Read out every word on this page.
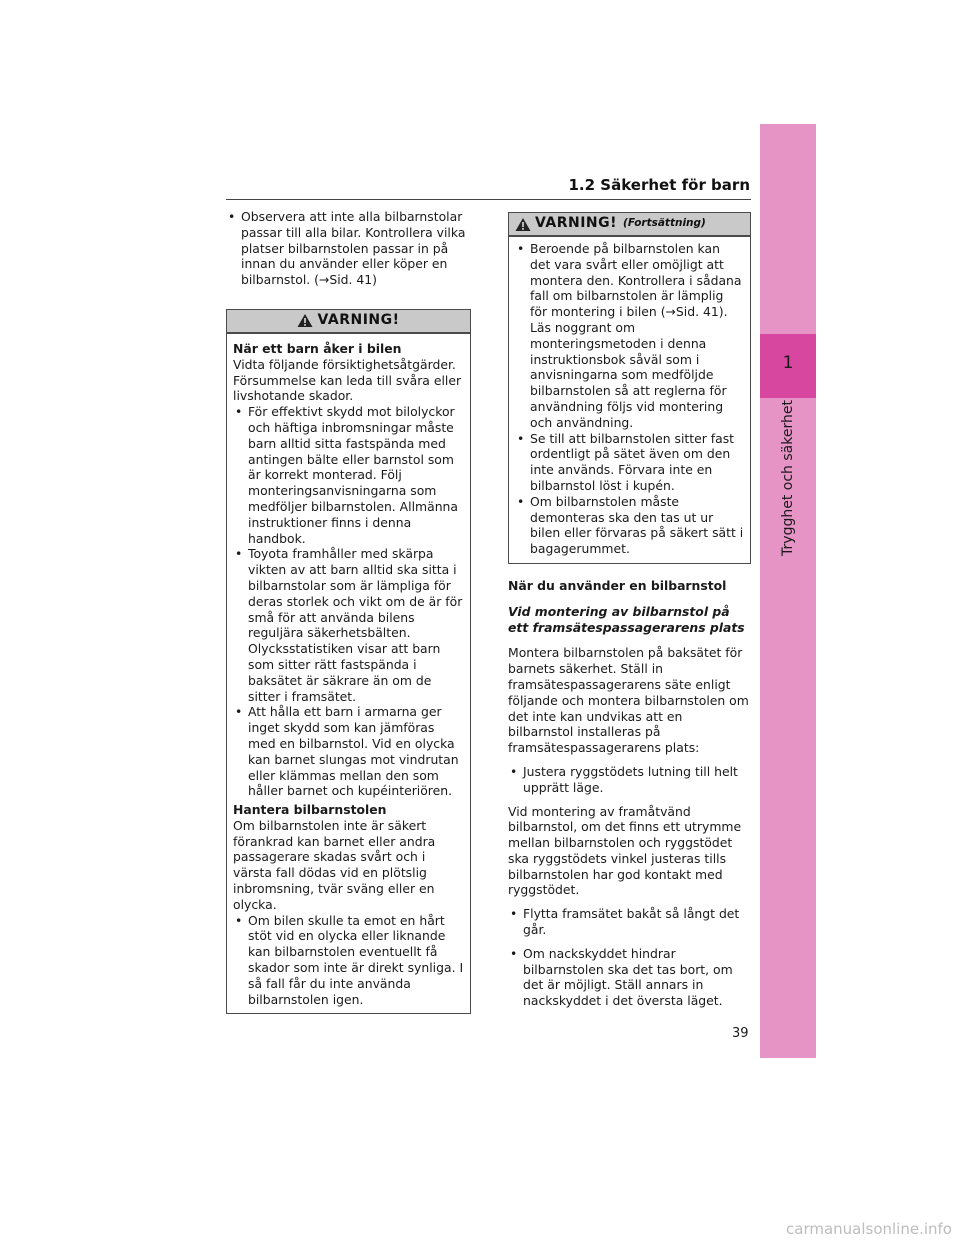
1.2 Säkerhet för barn
1
Trygghet och säkerhet

• Observera att inte alla bilbarnstolar passar till alla bilar. Kontrollera vilka platser bilbarnstolen passar in på innan du använder eller köper en bilbarnstol. (→Sid. 41)

VARNING!

När ett barn åker i bilen

Vidta följande försiktighetsåtgärder. Försummelse kan leda till svåra eller livshotande skador.

• För effektivt skydd mot bilolyckor och häftiga inbromsningar måste barn alltid sitta fastspända med antingen bälte eller barnstol som är korrekt monterad. Följ monteringsanvisningarna som medföljer bilbarnstolen. Allmänna instruktioner finns i denna handbok.

• Toyota framhåller med skärpa vikten av att barn alltid ska sitta i bilbarnstolar som är lämpliga för deras storlek och vikt om de är för små för att använda bilens reguljära säkerhetsbälten. Olycksstatistiken visar att barn som sitter rätt fastspända i baksätet är säkrare än om de sitter i framsätet.

• Att hålla ett barn i armarna ger inget skydd som kan jämföras med en bilbarnstol. Vid en olycka kan barnet slungas mot vindrutan eller klämmas mellan den som håller barnet och kupéinteriören.

Hantera bilbarnstolen

Om bilbarnstolen inte är säkert förankrad kan barnet eller andra passagerare skadas svårt och i värsta fall dödas vid en plötslig inbromsning, tvär sväng eller en olycka.

• Om bilen skulle ta emot en hårt stöt vid en olycka eller liknande kan bilbarnstolen eventuellt få skador som inte är direkt synliga. I så fall får du inte använda bilbarnstolen igen.

VARNING! (Fortsättning)

• Beroende på bilbarnstolen kan det vara svårt eller omöjligt att montera den. Kontrollera i sådana fall om bilbarnstolen är lämplig för montering i bilen (→Sid. 41). Läs noggrant om monteringsmetoden i denna instruktionsbok såväl som i anvisningarna som medföljde bilbarnstolen så att reglerna för användning följs vid montering och användning.

• Se till att bilbarnstolen sitter fast ordentligt på sätet även om den inte används. Förvara inte en bilbarnstol löst i kupén.

• Om bilbarnstolen måste demonteras ska den tas ut ur bilen eller förvaras på säkert sätt i bagagerummet.

När du använder en bilbarnstol

Vid montering av bilbarnstol på ett framsätespassagerarens plats

Montera bilbarnstolen på baksätet för barnets säkerhet. Ställ in framsätespassagerarens säte enligt följande och montera bilbarnstolen om det inte kan undvikas att en bilbarnstol installeras på framsätespassagerarens plats:

• Justera ryggstödets lutning till helt upprätt läge.

Vid montering av framåtvänd bilbarnstol, om det finns ett utrymme mellan bilbarnstolen och ryggstödet ska ryggstödets vinkel justeras tills bilbarnstolen har god kontakt med ryggstödet.

• Flytta framsätet bakåt så långt det går.

• Om nackskyddet hindrar bilbarnstolen ska det tas bort, om det är möjligt. Ställ annars in nackskyddet i det översta läget.

39
carmanualsonline.info
